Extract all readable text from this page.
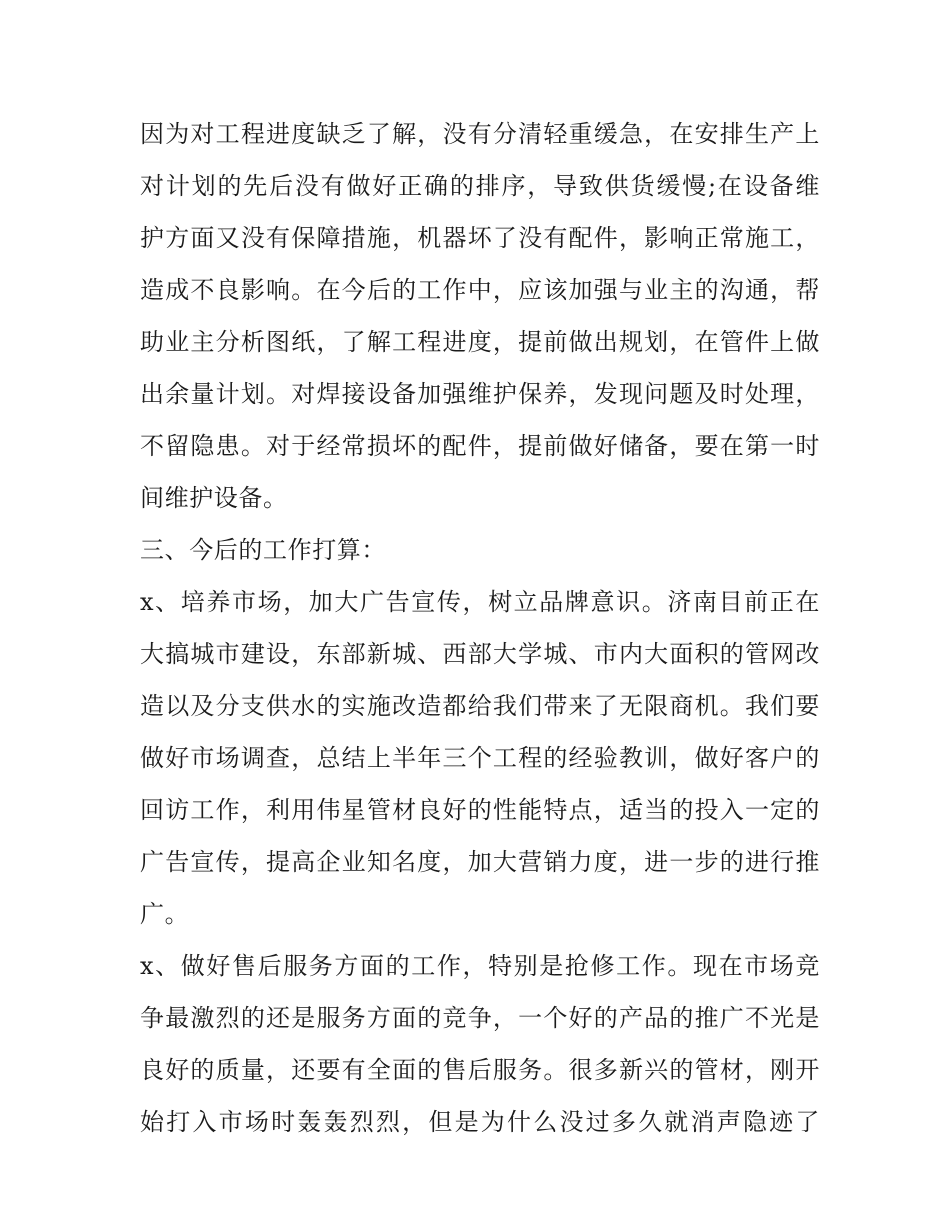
因为对工程进度缺乏了解，没有分清轻重缓急，在安排生产上
对计划的先后没有做好正确的排序，导致供货缓慢;在设备维
护方面又没有保障措施，机器坏了没有配件，影响正常施工，
造成不良影响。在今后的工作中，应该加强与业主的沟通，帮
助业主分析图纸，了解工程进度，提前做出规划，在管件上做
出余量计划。对焊接设备加强维护保养，发现问题及时处理，
不留隐患。对于经常损坏的配件，提前做好储备，要在第一时
间维护设备。
三、今后的工作打算：
x、培养市场，加大广告宣传，树立品牌意识。济南目前正在
大搞城市建设，东部新城、西部大学城、市内大面积的管网改
造以及分支供水的实施改造都给我们带来了无限商机。我们要
做好市场调查，总结上半年三个工程的经验教训，做好客户的
回访工作，利用伟星管材良好的性能特点，适当的投入一定的
广告宣传，提高企业知名度，加大营销力度，进一步的进行推
广。
x、做好售后服务方面的工作，特别是抢修工作。现在市场竞
争最激烈的还是服务方面的竞争，一个好的产品的推广不光是
良好的质量，还要有全面的售后服务。很多新兴的管材，刚开
始打入市场时轰轰烈烈，但是为什么没过多久就消声隐迹了
